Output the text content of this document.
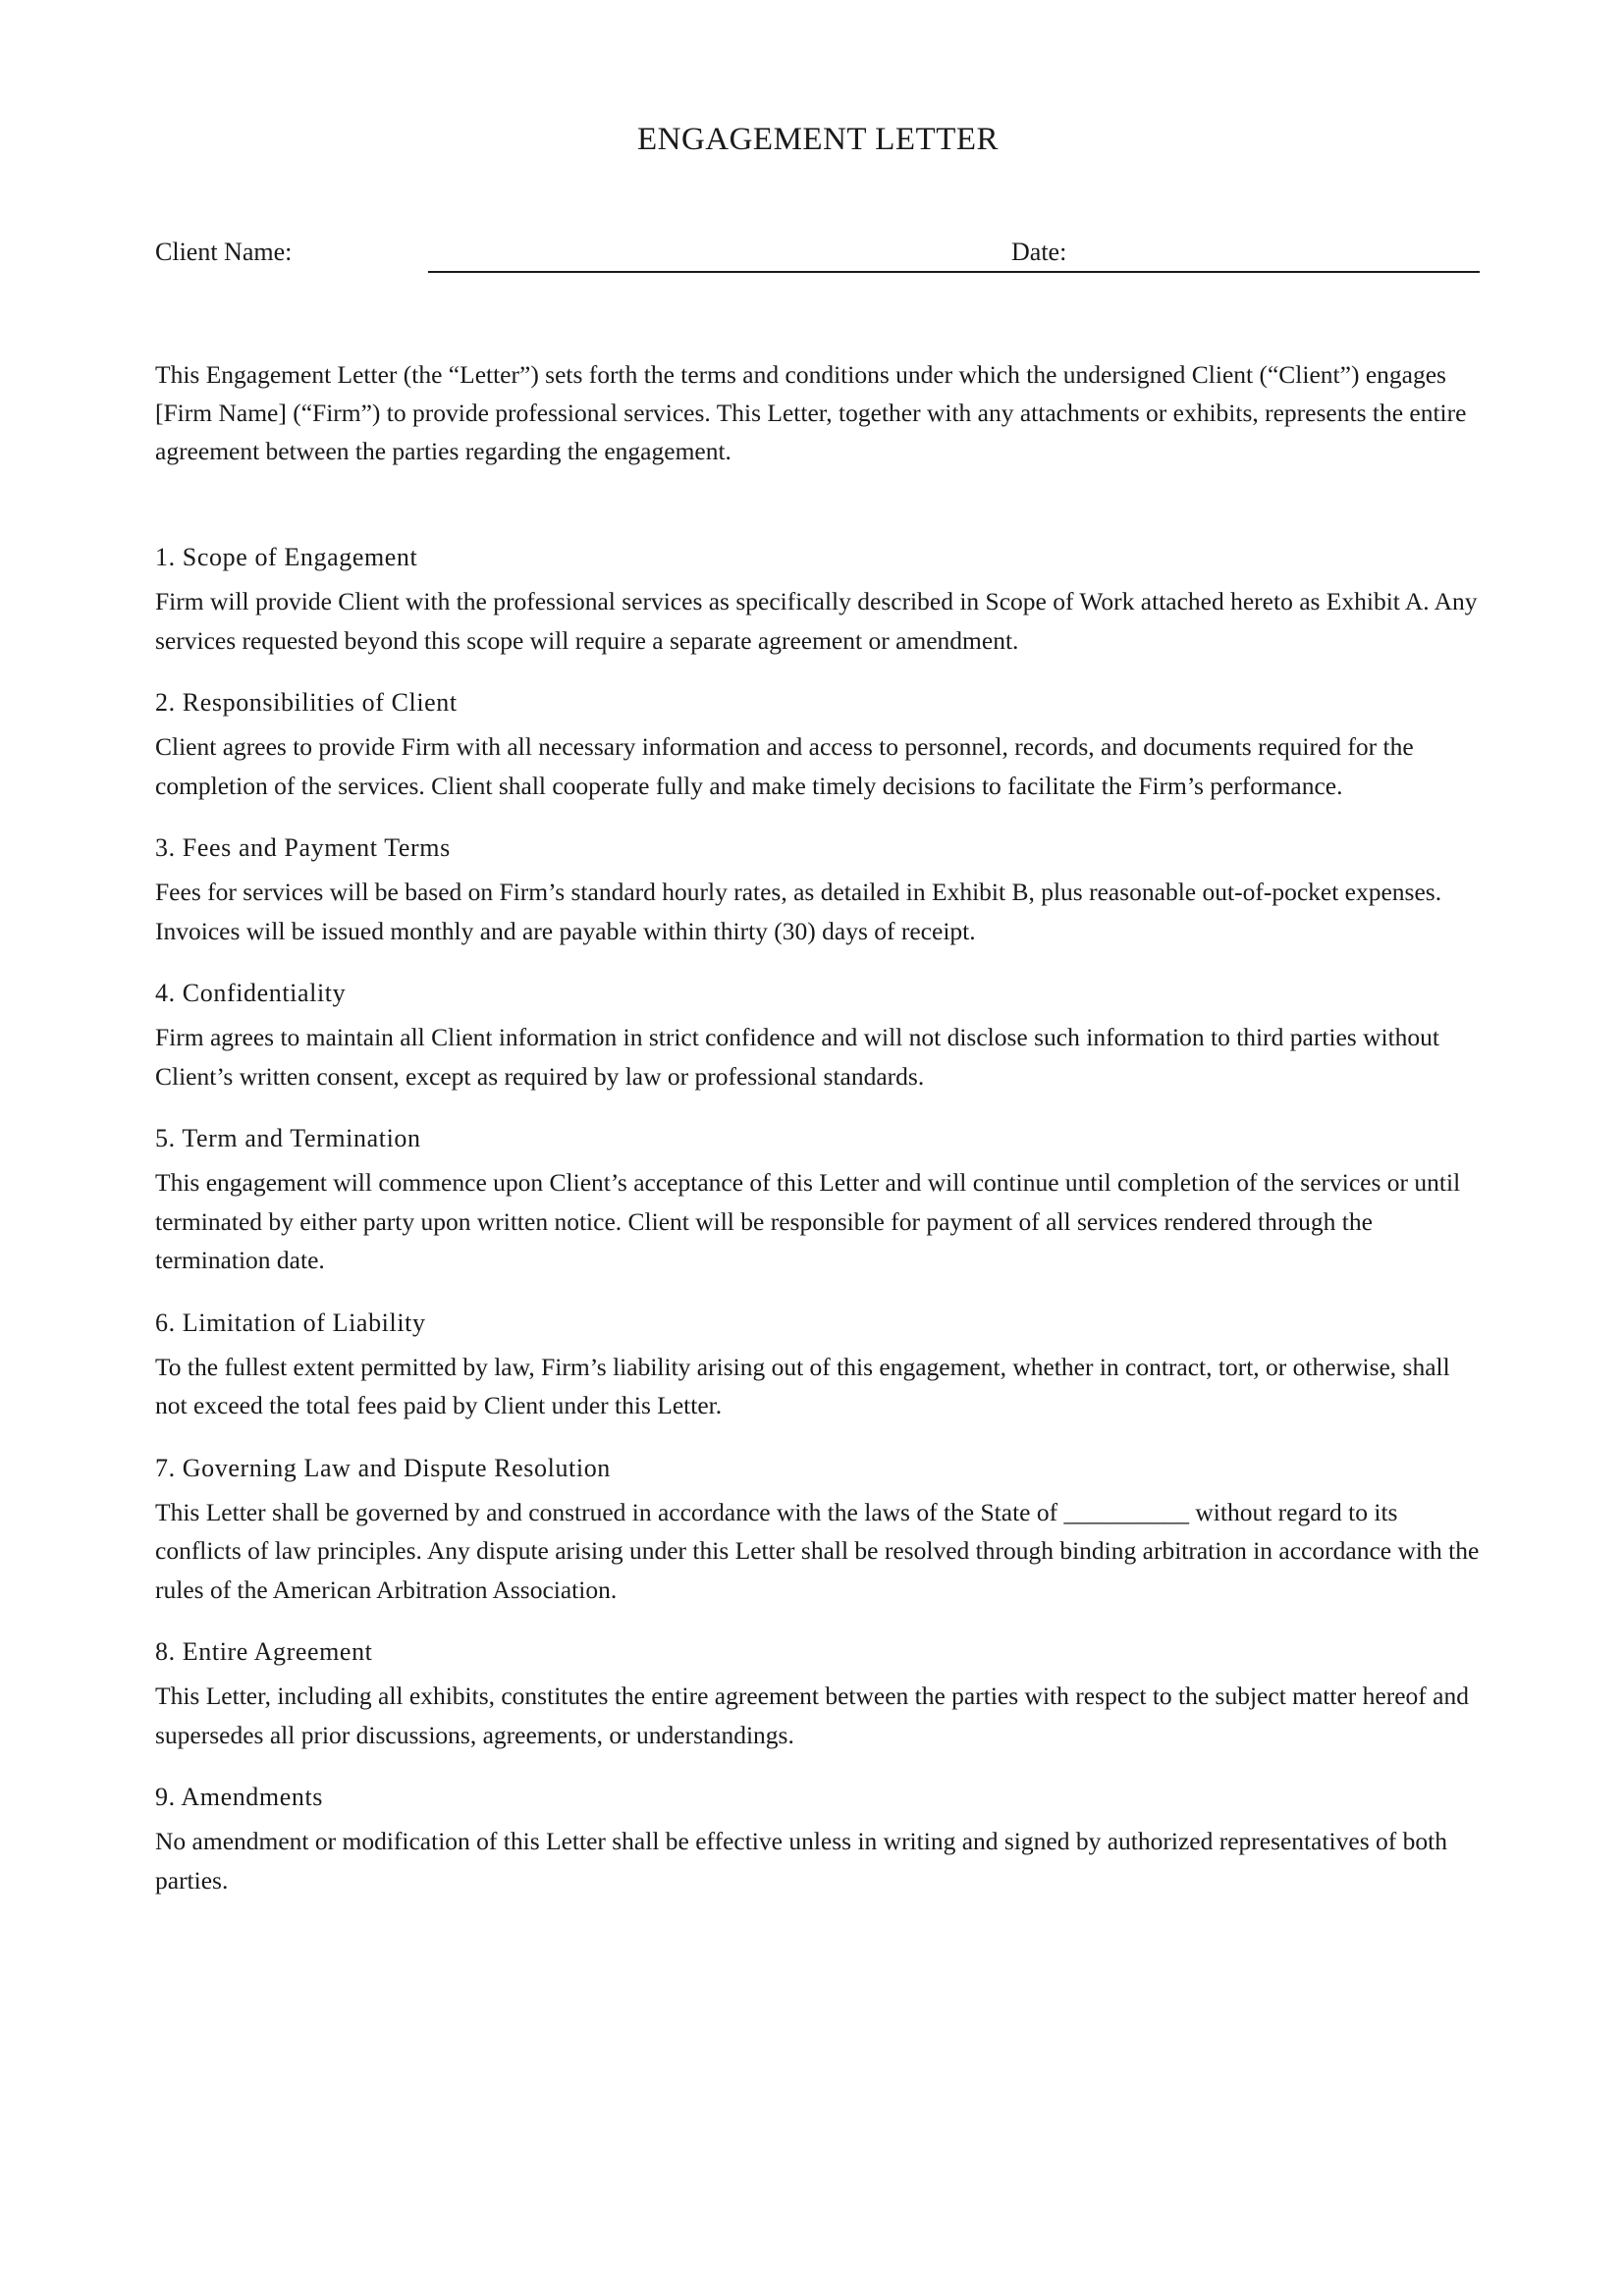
ENGAGEMENT LETTER
Client Name:	Date:

This Engagement Letter (the “Letter”) sets forth the terms and conditions under which the undersigned Client (“Client”) engages [Firm Name] (“Firm”) to provide professional services. This Letter, together with any attachments or exhibits, represents the entire agreement between the parties regarding the engagement.

1. Scope of Engagement

Firm will provide Client with the professional services as specifically described in Scope of Work attached hereto as Exhibit A. Any services requested beyond this scope will require a separate agreement or amendment.

2. Responsibilities of Client

Client agrees to provide Firm with all necessary information and access to personnel, records, and documents required for the completion of the services. Client shall cooperate fully and make timely decisions to facilitate the Firm’s performance.

3. Fees and Payment Terms

Fees for services will be based on Firm’s standard hourly rates, as detailed in Exhibit B, plus reasonable out-of-pocket expenses. Invoices will be issued monthly and are payable within thirty (30) days of receipt.

4. Confidentiality

Firm agrees to maintain all Client information in strict confidence and will not disclose such information to third parties without Client’s written consent, except as required by law or professional standards.

5. Term and Termination

This engagement will commence upon Client’s acceptance of this Letter and will continue until completion of the services or until terminated by either party upon written notice. Client will be responsible for payment of all services rendered through the termination date.

6. Limitation of Liability

To the fullest extent permitted by law, Firm’s liability arising out of this engagement, whether in contract, tort, or otherwise, shall not exceed the total fees paid by Client under this Letter.

7. Governing Law and Dispute Resolution

This Letter shall be governed by and construed in accordance with the laws of the State of __________ without regard to its conflicts of law principles. Any dispute arising under this Letter shall be resolved through binding arbitration in accordance with the rules of the American Arbitration Association.

8. Entire Agreement

This Letter, including all exhibits, constitutes the entire agreement between the parties with respect to the subject matter hereof and supersedes all prior discussions, agreements, or understandings.

9. Amendments

No amendment or modification of this Letter shall be effective unless in writing and signed by authorized representatives of both parties.
